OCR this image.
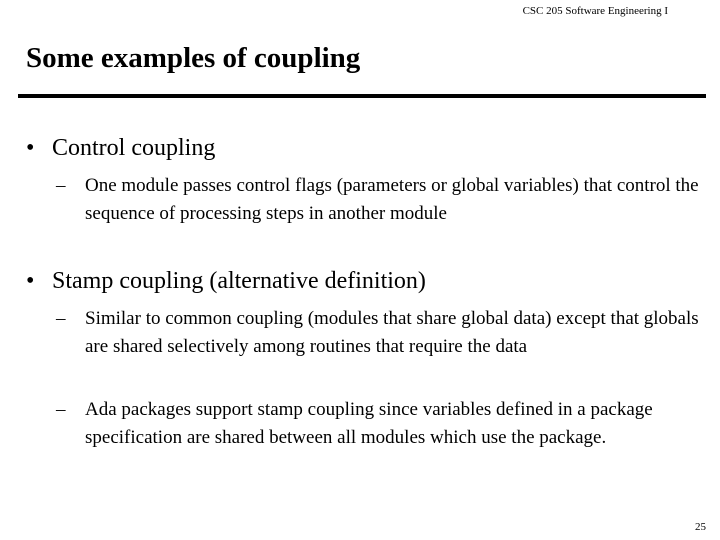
CSC 205 Software Engineering I
Some examples of coupling
• Control coupling
– One module passes control flags (parameters or global variables) that control the sequence of processing steps in another module
• Stamp coupling (alternative definition)
– Similar to common coupling (modules that share global data) except that globals are shared selectively among routines that require the data
– Ada packages support stamp coupling since variables defined in a package specification are shared between all modules which use the package.
25
